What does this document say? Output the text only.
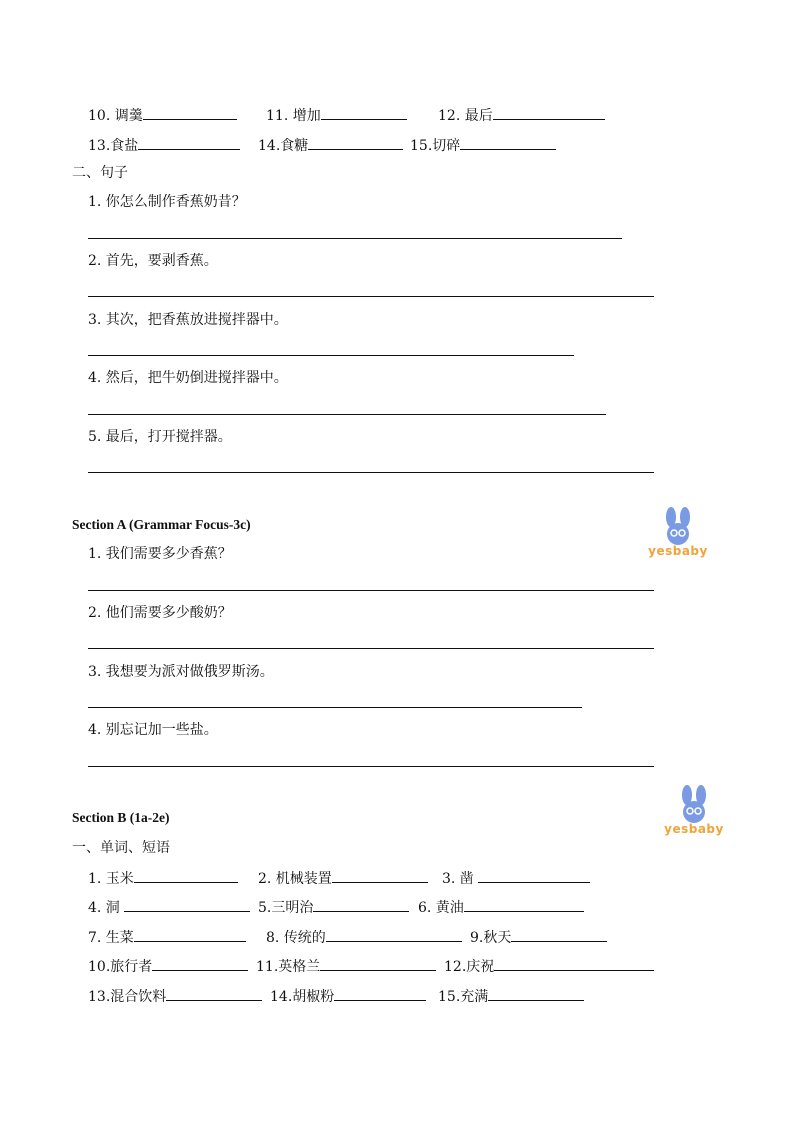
10. 调羹	11. 增加	12. 最后
13.食盐	14.食糖	15.切碎
二、句子
1. 你怎么制作香蕉奶昔？
2. 首先，要剥香蕉。
3. 其次，把香蕉放进搅拌器中。
4. 然后，把牛奶倒进搅拌器中。
5. 最后，打开搅拌器。
Section A (Grammar Focus-3c)
yesbaby
1. 我们需要多少香蕉？
2. 他们需要多少酸奶？
3. 我想要为派对做俄罗斯汤。
4. 别忘记加一些盐。
Section B (1a-2e)
yesbaby
一、单词、短语
1. 玉米	2. 机械装置	3. 凿
4. 洞	5.三明治	6. 黄油
7. 生菜	8. 传统的	9.秋天
10.旅行者	11.英格兰	12.庆祝
13.混合饮料	14.胡椒粉	15.充满
